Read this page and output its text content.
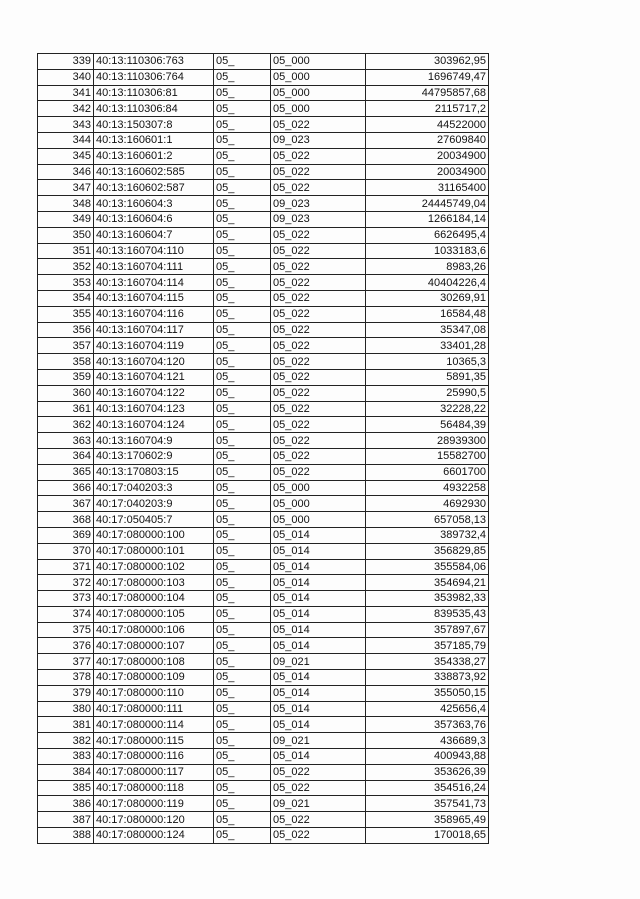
339	40:13:110306:763	05_	05_000	303962,95
340	40:13:110306:764	05_	05_000	1696749,47
341	40:13:110306:81	05_	05_000	44795857,68
342	40:13:110306:84	05_	05_000	2115717,2
343	40:13:150307:8	05_	05_022	44522000
344	40:13:160601:1	05_	09_023	27609840
345	40:13:160601:2	05_	05_022	20034900
346	40:13:160602:585	05_	05_022	20034900
347	40:13:160602:587	05_	05_022	31165400
348	40:13:160604:3	05_	09_023	24445749,04
349	40:13:160604:6	05_	09_023	1266184,14
350	40:13:160604:7	05_	05_022	6626495,4
351	40:13:160704:110	05_	05_022	1033183,6
352	40:13:160704:111	05_	05_022	8983,26
353	40:13:160704:114	05_	05_022	40404226,4
354	40:13:160704:115	05_	05_022	30269,91
355	40:13:160704:116	05_	05_022	16584,48
356	40:13:160704:117	05_	05_022	35347,08
357	40:13:160704:119	05_	05_022	33401,28
358	40:13:160704:120	05_	05_022	10365,3
359	40:13:160704:121	05_	05_022	5891,35
360	40:13:160704:122	05_	05_022	25990,5
361	40:13:160704:123	05_	05_022	32228,22
362	40:13:160704:124	05_	05_022	56484,39
363	40:13:160704:9	05_	05_022	28939300
364	40:13:170602:9	05_	05_022	15582700
365	40:13:170803:15	05_	05_022	6601700
366	40:17:040203:3	05_	05_000	4932258
367	40:17:040203:9	05_	05_000	4692930
368	40:17:050405:7	05_	05_000	657058,13
369	40:17:080000:100	05_	05_014	389732,4
370	40:17:080000:101	05_	05_014	356829,85
371	40:17:080000:102	05_	05_014	355584,06
372	40:17:080000:103	05_	05_014	354694,21
373	40:17:080000:104	05_	05_014	353982,33
374	40:17:080000:105	05_	05_014	839535,43
375	40:17:080000:106	05_	05_014	357897,67
376	40:17:080000:107	05_	05_014	357185,79
377	40:17:080000:108	05_	09_021	354338,27
378	40:17:080000:109	05_	05_014	338873,92
379	40:17:080000:110	05_	05_014	355050,15
380	40:17:080000:111	05_	05_014	425656,4
381	40:17:080000:114	05_	05_014	357363,76
382	40:17:080000:115	05_	09_021	436689,3
383	40:17:080000:116	05_	05_014	400943,88
384	40:17:080000:117	05_	05_022	353626,39
385	40:17:080000:118	05_	05_022	354516,24
386	40:17:080000:119	05_	09_021	357541,73
387	40:17:080000:120	05_	05_022	358965,49
388	40:17:080000:124	05_	05_022	170018,65
